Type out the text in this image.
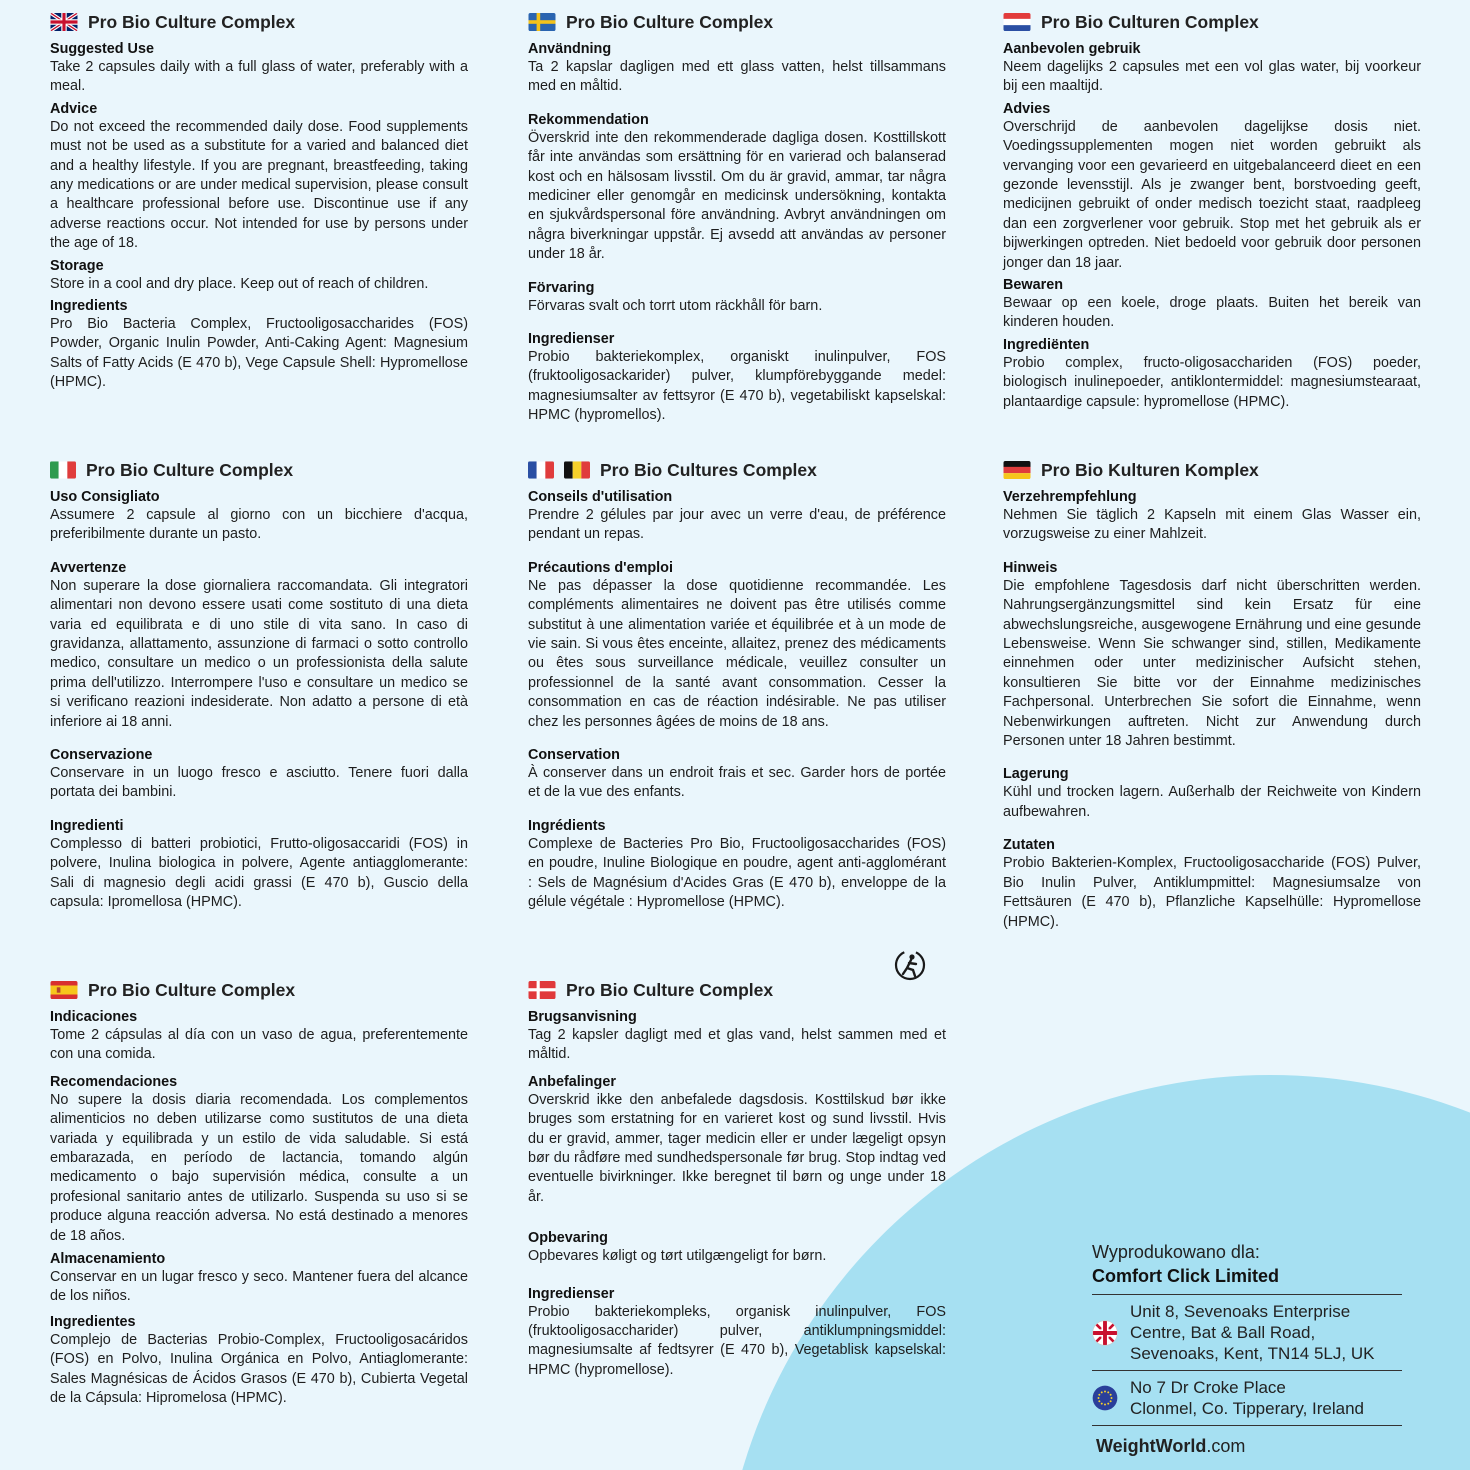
Pro Bio Culture Complex
Suggested Use
Take 2 capsules daily with a full glass of water, preferably with a meal.
Advice
Do not exceed the recommended daily dose. Food supplements must not be used as a substitute for a varied and balanced diet and a healthy lifestyle. If you are pregnant, breastfeeding, taking any medications or are under medical supervision, please consult a healthcare professional before use. Discontinue use if any adverse reactions occur. Not intended for use by persons under the age of 18.
Storage
Store in a cool and dry place. Keep out of reach of children.
Ingredients
Pro Bio Bacteria Complex, Fructooligosaccharides (FOS) Powder, Organic Inulin Powder, Anti-Caking Agent: Magnesium Salts of Fatty Acids (E 470 b), Vege Capsule Shell: Hypromellose (HPMC).
Pro Bio Culture Complex
Användning
Ta 2 kapslar dagligen med ett glass vatten, helst tillsammans med en måltid.
Rekommendation
Överskrid inte den rekommenderade dagliga dosen. Kosttillskott får inte användas som ersättning för en varierad och balanserad kost och en hälsosam livsstil. Om du är gravid, ammar, tar några mediciner eller genomgår en medicinsk undersökning, kontakta en sjukvårdspersonal före användning. Avbryt användningen om några biverkningar uppstår. Ej avsedd att användas av personer under 18 år.
Förvaring
Förvaras svalt och torrt utom räckhåll för barn.
Ingredienser
Probio bakteriekomplex, organiskt inulinpulver, FOS (fruktooligosackarider) pulver, klumpförebyggande medel: magnesiumsalter av fettsyror (E 470 b), vegetabiliskt kapselskal: HPMC (hypromellos).
Pro Bio Culturen Complex
Aanbevolen gebruik
Neem dagelijks 2 capsules met een vol glas water, bij voorkeur bij een maaltijd.
Advies
Overschrijd de aanbevolen dagelijkse dosis niet. Voedingssupplementen mogen niet worden gebruikt als vervanging voor een gevarieerd en uitgebalanceerd dieet en een gezonde levensstijl. Als je zwanger bent, borstvoeding geeft, medicijnen gebruikt of onder medisch toezicht staat, raadpleeg dan een zorgverlener voor gebruik. Stop met het gebruik als er bijwerkingen optreden. Niet bedoeld voor gebruik door personen jonger dan 18 jaar.
Bewaren
Bewaar op een koele, droge plaats. Buiten het bereik van kinderen houden.
Ingrediënten
Probio complex, fructo-oligosacchariden (FOS) poeder, biologisch inulinepoeder, antiklontermiddel: magnesiumstearaat, plantaardige capsule: hypromellose (HPMC).
Pro Bio Culture Complex
Uso Consigliato
Assumere 2 capsule al giorno con un bicchiere d'acqua, preferibilmente durante un pasto.
Avvertenze
Non superare la dose giornaliera raccomandata. Gli integratori alimentari non devono essere usati come sostituto di una dieta varia ed equilibrata e di uno stile di vita sano. In caso di gravidanza, allattamento, assunzione di farmaci o sotto controllo medico, consultare un medico o un professionista della salute prima dell'utilizzo. Interrompere l'uso e consultare un medico se si verificano reazioni indesiderate. Non adatto a persone di età inferiore ai 18 anni.
Conservazione
Conservare in un luogo fresco e asciutto. Tenere fuori dalla portata dei bambini.
Ingredienti
Complesso di batteri probiotici, Frutto-oligosaccaridi (FOS) in polvere, Inulina biologica in polvere, Agente antiagglomerante: Sali di magnesio degli acidi grassi (E 470 b), Guscio della capsula: Ipromellosa (HPMC).
Pro Bio Cultures Complex
Conseils d'utilisation
Prendre 2 gélules par jour avec un verre d'eau, de préférence pendant un repas.
Précautions d'emploi
Ne pas dépasser la dose quotidienne recommandée. Les compléments alimentaires ne doivent pas être utilisés comme substitut à une alimentation variée et équilibrée et à un mode de vie sain. Si vous êtes enceinte, allaitez, prenez des médicaments ou êtes sous surveillance médicale, veuillez consulter un professionnel de la santé avant consommation. Cesser la consommation en cas de réaction indésirable. Ne pas utiliser chez les personnes âgées de moins de 18 ans.
Conservation
À conserver dans un endroit frais et sec. Garder hors de portée et de la vue des enfants.
Ingrédients
Complexe de Bacteries Pro Bio, Fructooligosaccharides (FOS) en poudre, Inuline Biologique en poudre, agent anti-agglomérant : Sels de Magnésium d'Acides Gras (E 470 b), enveloppe de la gélule végétale : Hypromellose (HPMC).
Pro Bio Kulturen Komplex
Verzehrempfehlung
Nehmen Sie täglich 2 Kapseln mit einem Glas Wasser ein, vorzugsweise zu einer Mahlzeit.
Hinweis
Die empfohlene Tagesdosis darf nicht überschritten werden. Nahrungsergänzungsmittel sind kein Ersatz für eine abwechslungsreiche, ausgewogene Ernährung und eine gesunde Lebensweise. Wenn Sie schwanger sind, stillen, Medikamente einnehmen oder unter medizinischer Aufsicht stehen, konsultieren Sie bitte vor der Einnahme medizinisches Fachpersonal. Unterbrechen Sie sofort die Einnahme, wenn Nebenwirkungen auftreten. Nicht zur Anwendung durch Personen unter 18 Jahren bestimmt.
Lagerung
Kühl und trocken lagern. Außerhalb der Reichweite von Kindern aufbewahren.
Zutaten
Probio Bakterien-Komplex, Fructooligosaccharide (FOS) Pulver, Bio Inulin Pulver, Antiklumpmittel: Magnesiumsalze von Fettsäuren (E 470 b), Pflanzliche Kapselhülle: Hypromellose (HPMC).
Pro Bio Culture Complex
Indicaciones
Tome 2 cápsulas al día con un vaso de agua, preferentemente con una comida.
Recomendaciones
No supere la dosis diaria recomendada. Los complementos alimenticios no deben utilizarse como sustitutos de una dieta variada y equilibrada y un estilo de vida saludable. Si está embarazada, en período de lactancia, tomando algún medicamento o bajo supervisión médica, consulte a un profesional sanitario antes de utilizarlo. Suspenda su uso si se produce alguna reacción adversa. No está destinado a menores de 18 años.
Almacenamiento
Conservar en un lugar fresco y seco. Mantener fuera del alcance de los niños.
Ingredientes
Complejo de Bacterias Probio-Complex, Fructooligosacáridos (FOS) en Polvo, Inulina Orgánica en Polvo, Antiaglomerante: Sales Magnésicas de Ácidos Grasos (E 470 b), Cubierta Vegetal de la Cápsula: Hipromelosa (HPMC).
Pro Bio Culture Complex
Brugsanvisning
Tag 2 kapsler dagligt med et glas vand, helst sammen med et måltid.
Anbefalinger
Overskrid ikke den anbefalede dagsdosis. Kosttilskud bør ikke bruges som erstatning for en varieret kost og sund livsstil. Hvis du er gravid, ammer, tager medicin eller er under lægeligt opsyn bør du rådføre med sundhedspersonale før brug. Stop indtag ved eventuelle bivirkninger. Ikke beregnet til børn og unge under 18 år.
Opbevaring
Opbevares køligt og tørt utilgængeligt for børn.
Ingredienser
Probio bakteriekompleks, organisk inulinpulver, FOS (fruktooligosaccharider) pulver, antiklumpningsmiddel: magnesiumsalte af fedtsyrer (E 470 b), Vegetablisk kapselskal: HPMC (hypromellose).
Wyprodukowano dla:
Comfort Click Limited
Unit 8, Sevenoaks Enterprise
Centre, Bat & Ball Road,
Sevenoaks, Kent, TN14 5LJ, UK
No 7 Dr Croke Place
Clonmel, Co. Tipperary, Ireland
WeightWorld.com
